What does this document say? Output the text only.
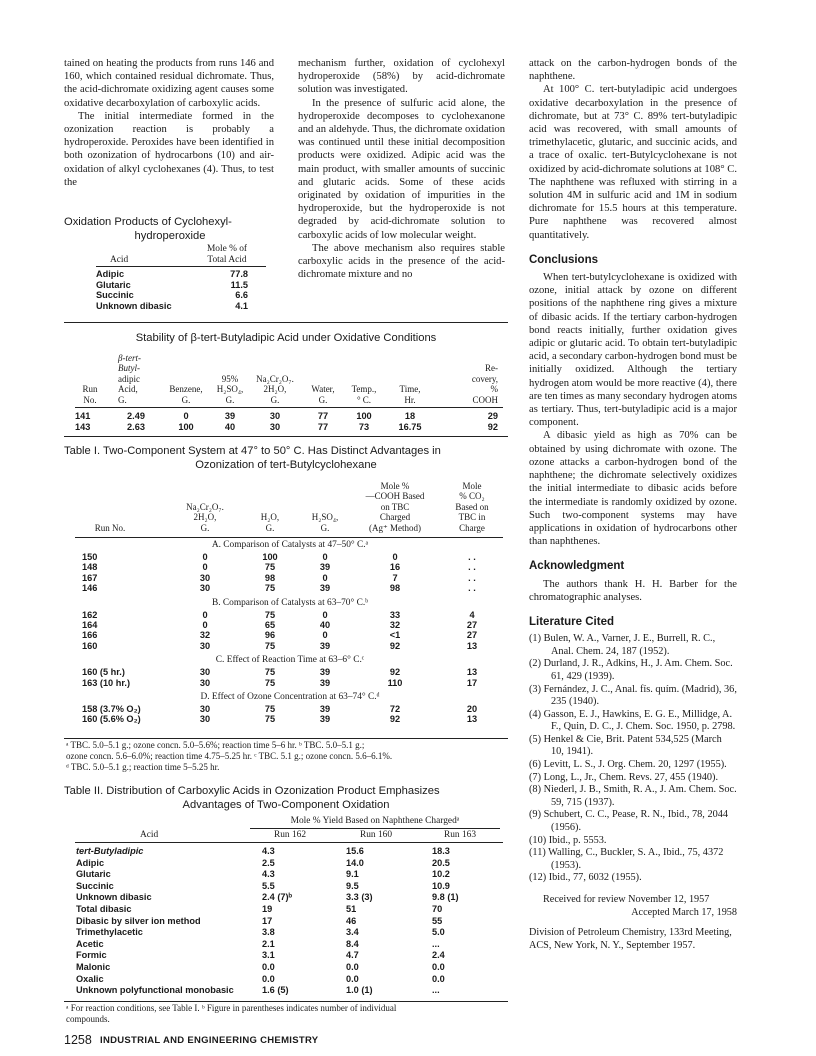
tained on heating the products from runs 146 and 160, which contained residual dichromate. Thus, the acid-dichromate oxidizing agent causes some oxidative decarboxylation of carboxylic acids.

The initial intermediate formed in the ozonization reaction is probably a hydroperoxide. Peroxides have been identified in both ozonization of hydrocarbons (10) and air-oxidation of alkyl cyclohexanes (4). Thus, to test the

Oxidation Products of Cyclohexyl-
hydroperoxide
Mole % of
Acid	Total Acid
Adipic	77.8
Glutaric	11.5
Succinic	6.6
Unknown dibasic	4.1

mechanism further, oxidation of cyclohexyl hydroperoxide (58%) by acid-dichromate solution was investigated.

In the presence of sulfuric acid alone, the hydroperoxide decomposes to cyclohexanone and an aldehyde. Thus, the dichromate oxidation was continued until these initial decomposition products were oxidized. Adipic acid was the main product, with smaller amounts of succinic and glutaric acids. Some of these acids originated by oxidation of impurities in the hydroperoxide, but the hydroperoxide is not degraded by acid-dichromate solution to carboxylic acids of low molecular weight.

The above mechanism also requires stable carboxylic acids in the presence of the acid-dichromate mixture and no

Stability of β-tert-Butyladipic Acid under Oxidative Conditions
Run
No.
β-tert-
Butyl-
adipic
Acid,
G.
Benzene,
G.
95%
H₂SO₄,
G.
Na₂Cr₂O₇.
2H₂O,
G.
Water,
G.
Temp.,
° C.
Time,
Hr.
Re-
covery,
%
COOH
141	2.49	0	39	30	77	100	18	29
143	2.63	100	40	30	77	73	16.75	92
Table I. Two-Component System at 47° to 50° C. Has Distinct Advantages in
Ozonization of tert-Butylcyclohexane
Run No.
Na₂Cr₂O₇.
2H₂O,
G.
H₂O,
G.
H₂SO₄,
G.
Mole %
—COOH Based
on TBC
Charged
(Ag⁺ Method)
Mole
% CO₂
Based on
TBC in
Charge
A. Comparison of Catalysts at 47–50° C.ᵃ
150	0	100	0	0	. .
148	0	75	39	16	. .
167	30	98	0	7	. .
146	30	75	39	98	. .
B. Comparison of Catalysts at 63–70° C.ᵇ
162	0	75	0	33	4
164	0	65	40	32	27
166	32	96	0	<1	27
160	30	75	39	92	13
C. Effect of Reaction Time at 63–6° C.ᶜ
160 (5 hr.)	30	75	39	92	13
163 (10 hr.)	30	75	39	110	17
D. Effect of Ozone Concentration at 63–74° C.ᵈ
158 (3.7% O₂)	30	75	39	72	20
160 (5.6% O₂)	30	75	39	92	13
ᵃ TBC. 5.0–5.1 g.; ozone concn. 5.0–5.6%; reaction time 5–6 hr. ᵇ TBC. 5.0–5.1 g.;
ozone concn. 5.6–6.0%; reaction time 4.75–5.25 hr. ᶜ TBC. 5.1 g.; ozone concn. 5.6–6.1%.
ᵈ TBC. 5.0–5.1 g.; reaction time 5–5.25 hr.
Table II. Distribution of Carboxylic Acids in Ozonization Product Emphasizes
Advantages of Two-Component Oxidation
Mole % Yield Based on Naphthene Chargedᵃ
Acid	Run 162	Run 160	Run 163
tert-Butyladipic	4.3	15.6	18.3
Adipic	2.5	14.0	20.5
Glutaric	4.3	9.1	10.2
Succinic	5.5	9.5	10.9
Unknown dibasic	2.4 (7)ᵇ	3.3 (3)	9.8 (1)
Total dibasic	19	51	70
Dibasic by silver ion method	17	46	55
Trimethylacetic	3.8	3.4	5.0
Acetic	2.1	8.4	...
Formic	3.1	4.7	2.4
Malonic	0.0	0.0	0.0
Oxalic	0.0	0.0	0.0
Unknown polyfunctional monobasic	1.6 (5)	1.0 (1)	...
ᵃ For reaction conditions, see Table I. ᵇ Figure in parentheses indicates number of individual
compounds.

attack on the carbon-hydrogen bonds of the naphthene.

At 100° C. tert-butyladipic acid undergoes oxidative decarboxylation in the presence of dichromate, but at 73° C. 89% tert-butyladipic acid was recovered, with small amounts of trimethylacetic, glutaric, and succinic acids, and a trace of oxalic. tert-Butylcyclohexane is not oxidized by acid-dichromate solutions at 108° C. The naphthene was refluxed with stirring in a solution 4M in sulfuric acid and 1M in sodium dichromate for 15.5 hours at this temperature. Pure naphthene was recovered almost quantitatively.

Conclusions

When tert-butylcyclohexane is oxidized with ozone, initial attack by ozone on different positions of the naphthene ring gives a mixture of dibasic acids. If the tertiary carbon-hydrogen bond reacts initially, further oxidation gives adipic or glutaric acid. To obtain tert-butyladipic acid, a secondary carbon-hydrogen bond must be initially oxidized. Although the tertiary hydrogen atom would be more reactive (4), there are ten times as many secondary hydrogen atoms as tertiary. Thus, tert-butyladipic acid is a major component.

A dibasic yield as high as 70% can be obtained by using dichromate with ozone. The ozone attacks a carbon-hydrogen bond of the naphthene; the dichromate selectively oxidizes the initial intermediate to dibasic acids before the intermediate is randomly oxidized by ozone. Such two-component systems may have applications in oxidation of hydrocarbons other than naphthenes.

Acknowledgment

The authors thank H. H. Barber for the chromatographic analyses.

Literature Cited

(1) Bulen, W. A., Varner, J. E., Burrell, R. C., Anal. Chem. 24, 187 (1952).

(2) Durland, J. R., Adkins, H., J. Am. Chem. Soc. 61, 429 (1939).

(3) Fernández, J. C., Anal. fís. quím. (Madrid), 36, 235 (1940).

(4) Gasson, E. J., Hawkins, E. G. E., Millidge, A. F., Quin, D. C., J. Chem. Soc. 1950, p. 2798.

(5) Henkel & Cie, Brit. Patent 534,525 (March 10, 1941).

(6) Levitt, L. S., J. Org. Chem. 20, 1297 (1955).

(7) Long, L., Jr., Chem. Revs. 27, 455 (1940).

(8) Niederl, J. B., Smith, R. A., J. Am. Chem. Soc. 59, 715 (1937).

(9) Schubert, C. C., Pease, R. N., Ibid., 78, 2044 (1956).

(10) Ibid., p. 5553.

(11) Walling, C., Buckler, S. A., Ibid., 75, 4372 (1953).

(12) Ibid., 77, 6032 (1955).

Received for review November 12, 1957

Accepted March 17, 1958

Division of Petroleum Chemistry, 133rd Meeting, ACS, New York, N. Y., September 1957.

1258 INDUSTRIAL AND ENGINEERING CHEMISTRY
